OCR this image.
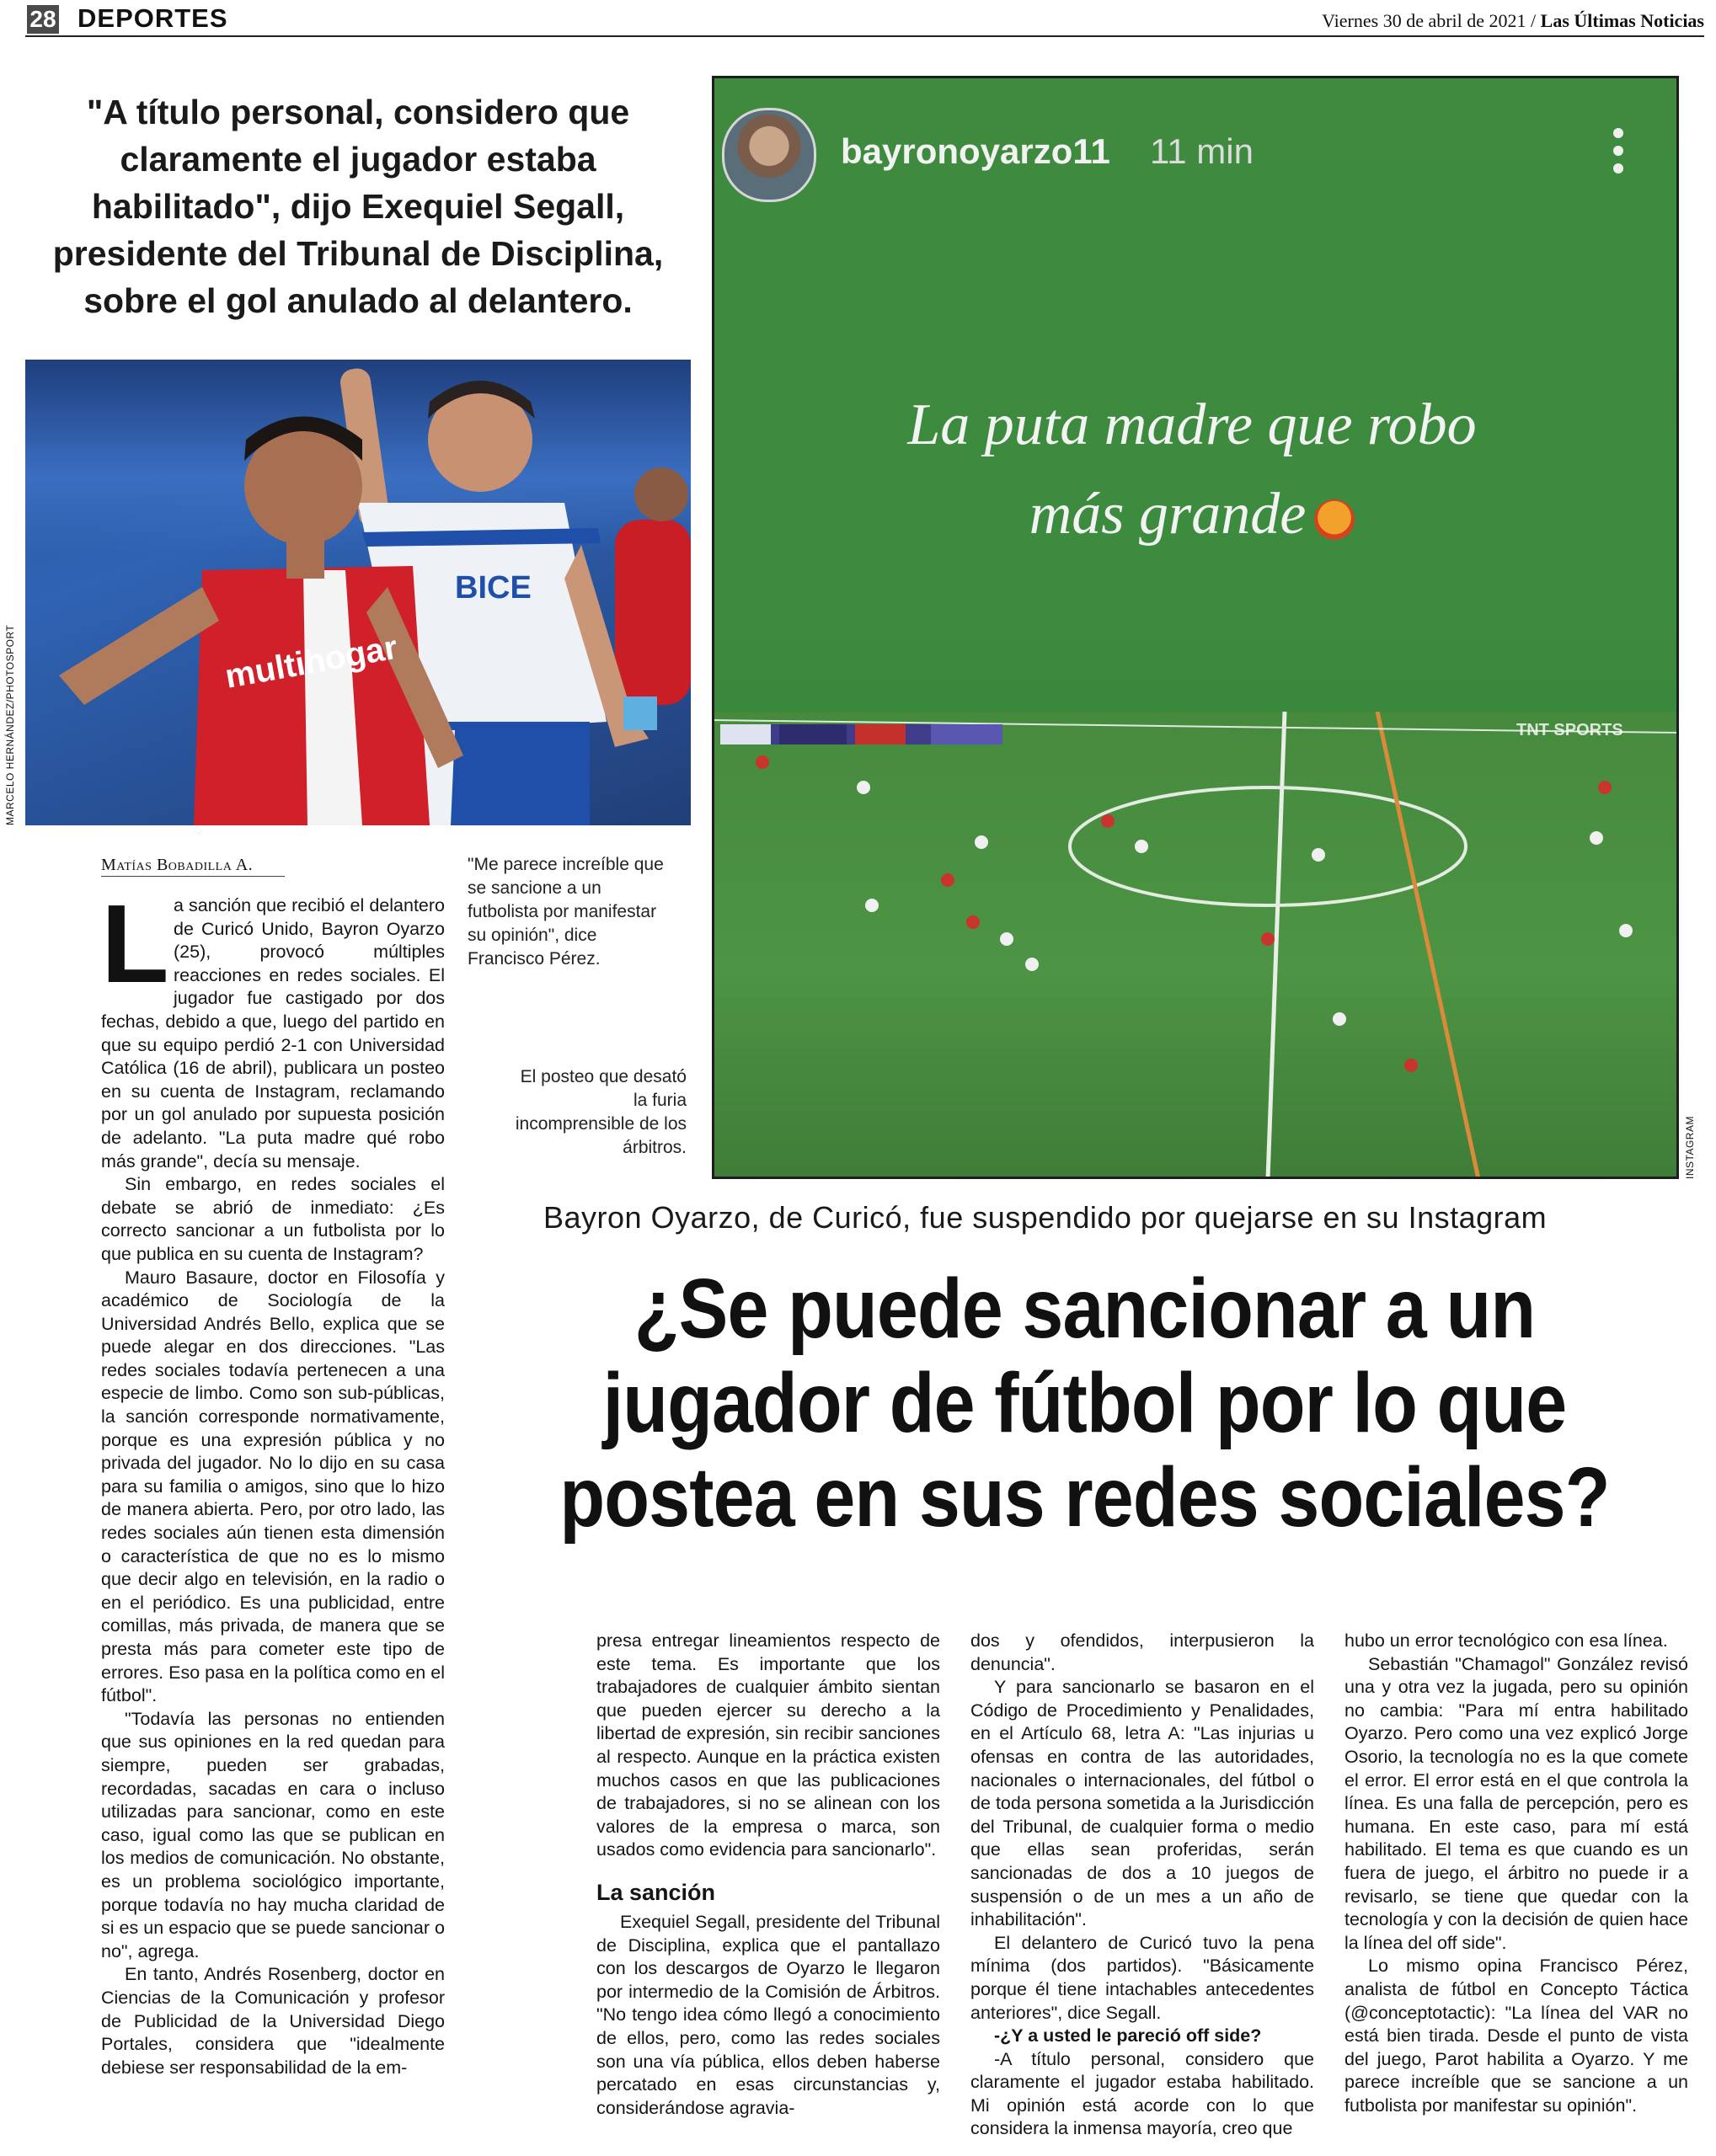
28 DEPORTES	Viernes 30 de abril de 2021 / Las Últimas Noticias
"A título personal, considero que claramente el jugador estaba habilitado", dijo Exequiel Segall, presidente del Tribunal de Disciplina, sobre el gol anulado al delantero.
BICE
multihogar
MARCELO HERNÁNDEZ/PHOTOSPORT
bayronoyarzo11 11 min
La puta madre que robo
más grande
TNT SPORTS
INSTAGRAM
Matías Bobadilla A.	"Me parece increíble que se sancione a un futbolista por manifestar su opinión", dice Francisco Pérez.
El posteo que desató la furia incomprensible de los árbitros.
L a sanción que recibió el delantero de Curicó Unido, Bayron Oyarzo (25), provocó múltiples reacciones en redes sociales. El jugador fue castigado por dos fechas, debido a que, luego del partido en que su equipo perdió 2-1 con Universidad Católica (16 de abril), publicara un posteo en su cuenta de Instagram, reclamando por un gol anulado por supuesta posición de adelanto. "La puta madre qué robo más grande", decía su mensaje.

Sin embargo, en redes sociales el debate se abrió de inmediato: ¿Es correcto sancionar a un futbolista por lo que publica en su cuenta de Instagram?

Mauro Basaure, doctor en Filosofía y académico de Sociología de la Universidad Andrés Bello, explica que se puede alegar en dos direcciones. "Las redes sociales todavía pertenecen a una especie de limbo. Como son sub-públicas, la sanción corresponde normativamente, porque es una expresión pública y no privada del jugador. No lo dijo en su casa para su familia o amigos, sino que lo hizo de manera abierta. Pero, por otro lado, las redes sociales aún tienen esta dimensión o característica de que no es lo mismo que decir algo en televisión, en la radio o en el periódico. Es una publicidad, entre comillas, más privada, de manera que se presta más para cometer este tipo de errores. Eso pasa en la política como en el fútbol".

"Todavía las personas no entienden que sus opiniones en la red quedan para siempre, pueden ser grabadas, recordadas, sacadas en cara o incluso utilizadas para sancionar, como en este caso, igual como las que se publican en los medios de comunicación. No obstante, es un problema sociológico importante, porque todavía no hay mucha claridad de si es un espacio que se puede sancionar o no", agrega.

En tanto, Andrés Rosenberg, doctor en Ciencias de la Comunicación y profesor de Publicidad de la Universidad Diego Portales, considera que "idealmente debiese ser responsabilidad de la em-

Bayron Oyarzo, de Curicó, fue suspendido por quejarse en su Instagram
¿Se puede sancionar a un jugador de fútbol por lo que postea en sus redes sociales?

presa entregar lineamientos respecto de este tema. Es importante que los trabajadores de cualquier ámbito sientan que pueden ejercer su derecho a la libertad de expresión, sin recibir sanciones al respecto. Aunque en la práctica existen muchos casos en que las publicaciones de trabajadores, si no se alinean con los valores de la empresa o marca, son usados como evidencia para sancionarlo".

La sanción

Exequiel Segall, presidente del Tribunal de Disciplina, explica que el pantallazo con los descargos de Oyarzo le llegaron por intermedio de la Comisión de Árbitros. "No tengo idea cómo llegó a conocimiento de ellos, pero, como las redes sociales son una vía pública, ellos deben haberse percatado en esas circunstancias y, considerándose agravia-

dos y ofendidos, interpusieron la denuncia".

Y para sancionarlo se basaron en el Código de Procedimiento y Penalidades, en el Artículo 68, letra A: "Las injurias u ofensas en contra de las autoridades, nacionales o internacionales, del fútbol o de toda persona sometida a la Jurisdicción del Tribunal, de cualquier forma o medio que ellas sean proferidas, serán sancionadas de dos a 10 juegos de suspensión o de un mes a un año de inhabilitación".

El delantero de Curicó tuvo la pena mínima (dos partidos). "Básicamente porque él tiene intachables antecedentes anteriores", dice Segall.

-¿Y a usted le pareció off side?

-A título personal, considero que claramente el jugador estaba habilitado. Mi opinión está acorde con lo que considera la inmensa mayoría, creo que

hubo un error tecnológico con esa línea.

Sebastián "Chamagol" González revisó una y otra vez la jugada, pero su opinión no cambia: "Para mí entra habilitado Oyarzo. Pero como una vez explicó Jorge Osorio, la tecnología no es la que comete el error. El error está en el que controla la línea. Es una falla de percepción, pero es humana. En este caso, para mí está habilitado. El tema es que cuando es un fuera de juego, el árbitro no puede ir a revisarlo, se tiene que quedar con la tecnología y con la decisión de quien hace la línea del off side".

Lo mismo opina Francisco Pérez, analista de fútbol en Concepto Táctica (@conceptotactic): "La línea del VAR no está bien tirada. Desde el punto de vista del juego, Parot habilita a Oyarzo. Y me parece increíble que se sancione a un futbolista por manifestar su opinión".
